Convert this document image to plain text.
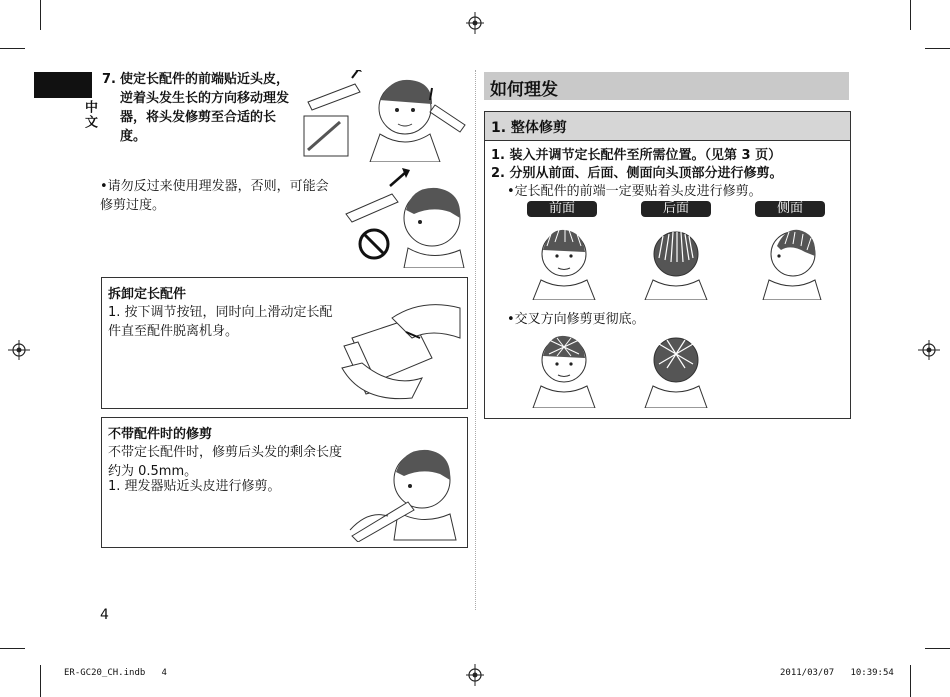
中文
7. 使定长配件的前端贴近头皮，逆着头发生长的方向移动理发器，将头发修剪至合适的长度。
•请勿反过来使用理发器，否则，可能会修剪过度。
拆卸定长配件
1. 按下调节按钮，同时向上滑动定长配件直至配件脱离机身。
不带配件时的修剪
不带定长配件时，修剪后头发的剩余长度约为 0.5mm。
1. 理发器贴近头皮进行修剪。
如何理发
1. 整体修剪
1. 装入并调节定长配件至所需位置。（见第 3 页）
2. 分别从前面、后面、侧面向头顶部分进行修剪。
•定长配件的前端一定要贴着头皮进行修剪。
前面	后面	侧面
•交叉方向修剪更彻底。
4
ER-GC20_CH.indb   4	2011/03/07   10:39:54
